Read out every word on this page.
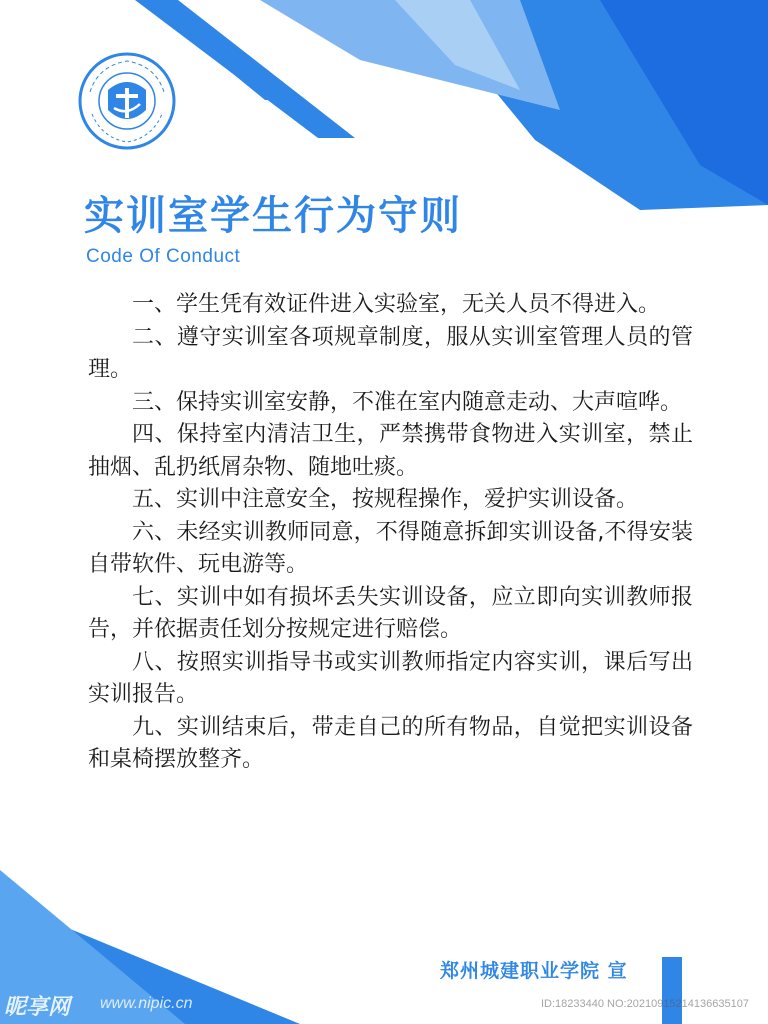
实训室学生行为守则
Code Of Conduct

一、学生凭有效证件进入实验室，无关人员不得进入。

二、遵守实训室各项规章制度，服从实训室管理人员的管理。

三、保持实训室安静，不准在室内随意走动、大声喧哗。

四、保持室内清洁卫生，严禁携带食物进入实训室，禁止抽烟、乱扔纸屑杂物、随地吐痰。

五、实训中注意安全，按规程操作，爱护实训设备。

六、未经实训教师同意，不得随意拆卸实训设备,不得安装自带软件、玩电游等。

七、实训中如有损坏丢失实训设备，应立即向实训教师报告，并依据责任划分按规定进行赔偿。

八、按照实训指导书或实训教师指定内容实训，课后写出实训报告。

九、实训结束后，带走自己的所有物品，自觉把实训设备和桌椅摆放整齐。

郑州城建职业学院 宣
昵享网 www.nipic.cn	ID:18233440 NO:20210915214136635107
